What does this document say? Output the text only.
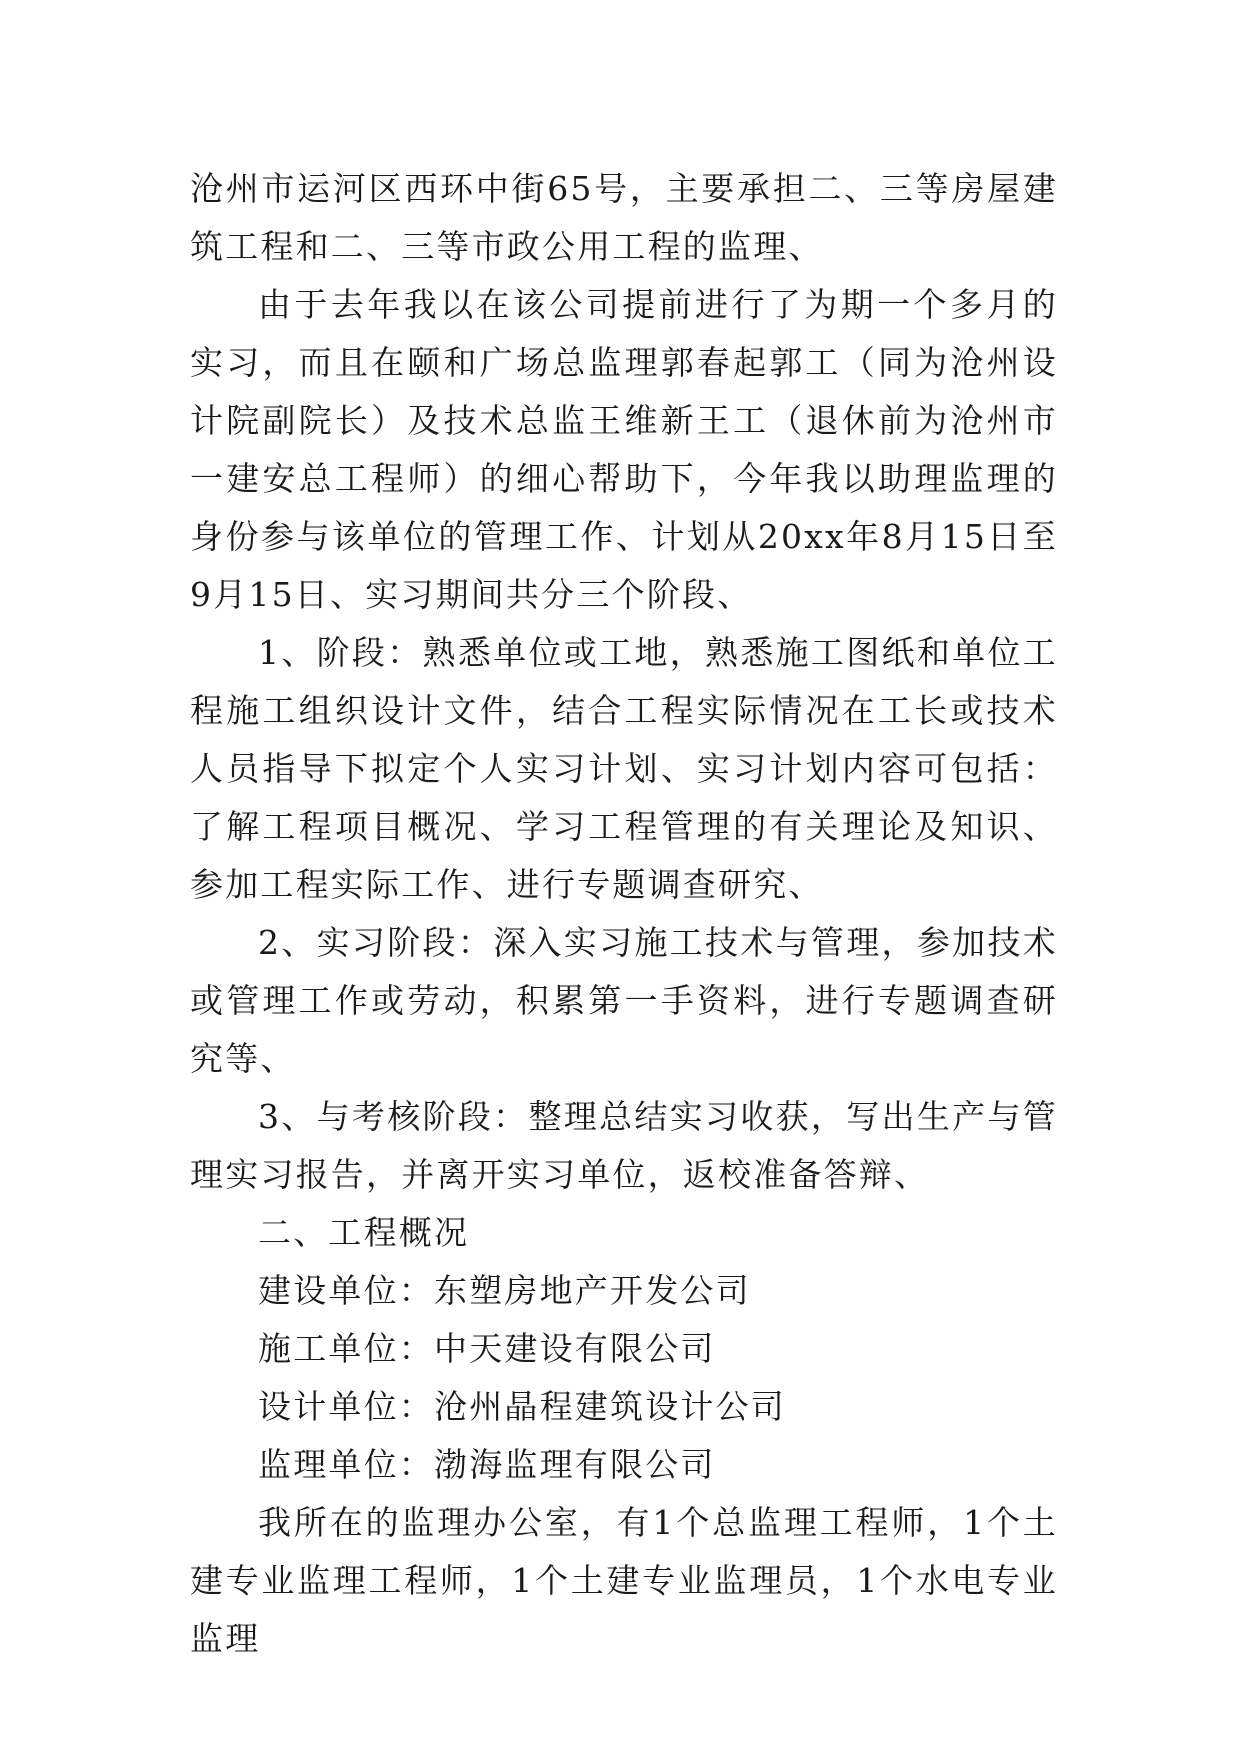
沧州市运河区西环中街65号，主要承担二、三等房屋建筑工程和二、三等市政公用工程的监理、

由于去年我以在该公司提前进行了为期一个多月的实习，而且在颐和广场总监理郭春起郭工（同为沧州设计院副院长）及技术总监王维新王工（退休前为沧州市一建安总工程师）的细心帮助下，今年我以助理监理的身份参与该单位的管理工作、计划从20xx年8月15日至9月15日、实习期间共分三个阶段、

1、阶段：熟悉单位或工地，熟悉施工图纸和单位工程施工组织设计文件，结合工程实际情况在工长或技术人员指导下拟定个人实习计划、实习计划内容可包括：了解工程项目概况、学习工程管理的有关理论及知识、参加工程实际工作、进行专题调查研究、

2、实习阶段：深入实习施工技术与管理，参加技术或管理工作或劳动，积累第一手资料，进行专题调查研究等、

3、与考核阶段：整理总结实习收获，写出生产与管理实习报告，并离开实习单位，返校准备答辩、

二、工程概况

建设单位：东塑房地产开发公司

施工单位：中天建设有限公司

设计单位：沧州晶程建筑设计公司

监理单位：渤海监理有限公司

我所在的监理办公室，有1个总监理工程师，1个土建专业监理工程师，1个土建专业监理员，1个水电专业监理
